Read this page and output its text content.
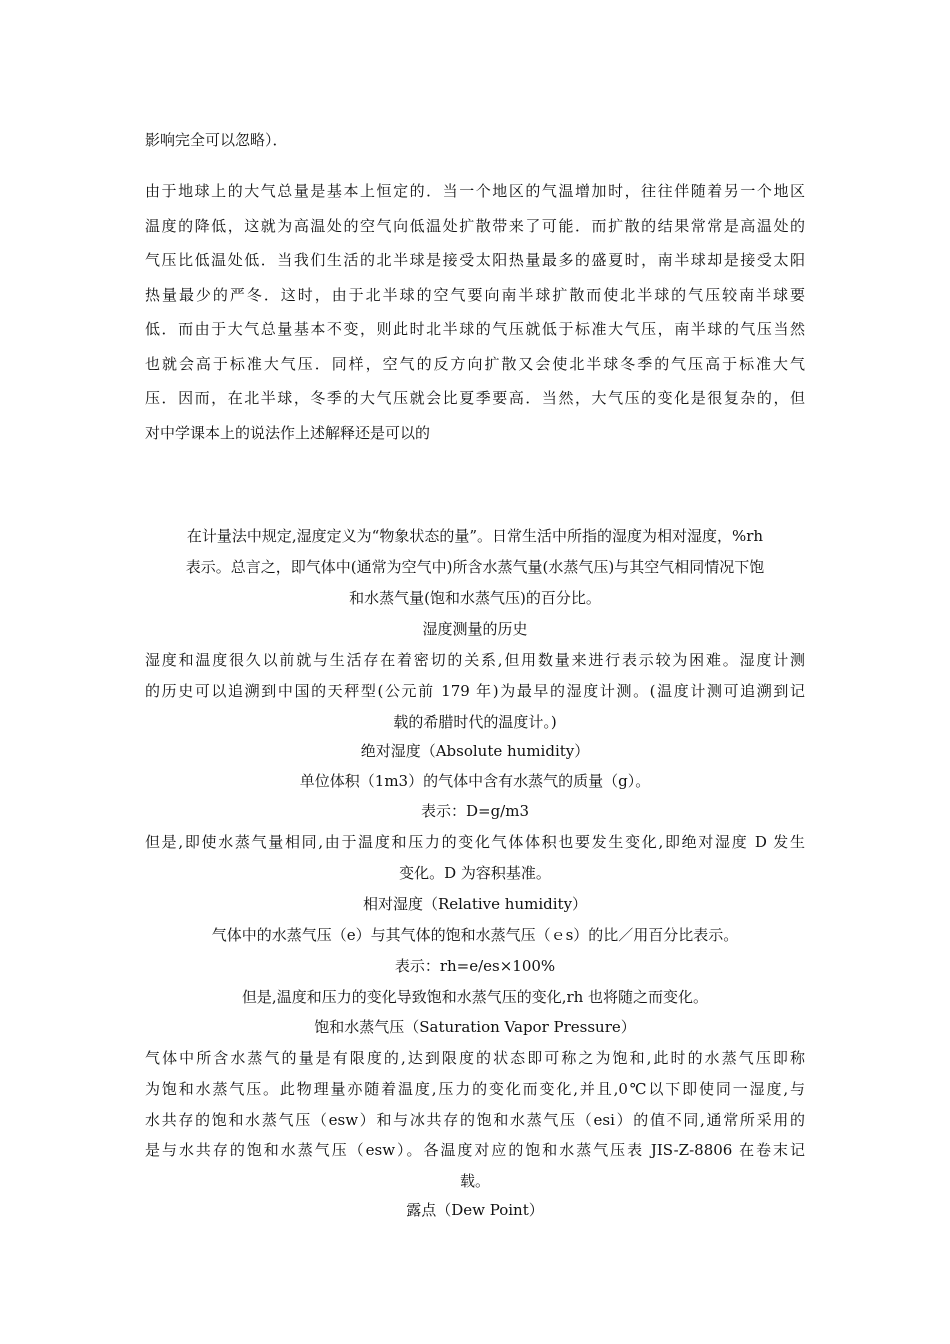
影响完全可以忽略）．
由于地球上的大气总量是基本上恒定的．当一个地区的气温增加时，往往伴随着另一个地区
温度的降低，这就为高温处的空气向低温处扩散带来了可能．而扩散的结果常常是高温处的
气压比低温处低．当我们生活的北半球是接受太阳热量最多的盛夏时，南半球却是接受太阳
热量最少的严冬．这时，由于北半球的空气要向南半球扩散而使北半球的气压较南半球要
低．而由于大气总量基本不变，则此时北半球的气压就低于标准大气压，南半球的气压当然
也就会高于标准大气压．同样，空气的反方向扩散又会使北半球冬季的气压高于标准大气
压．因而，在北半球，冬季的大气压就会比夏季要高．当然，大气压的变化是很复杂的，但
对中学课本上的说法作上述解释还是可以的
在计量法中规定,湿度定义为“物象状态的量”。日常生活中所指的湿度为相对湿度，%rh
表示。总言之，即气体中(通常为空气中)所含水蒸气量(水蒸气压)与其空气相同情况下饱
和水蒸气量(饱和水蒸气压)的百分比。
湿度测量的历史
湿度和温度很久以前就与生活存在着密切的关系,但用数量来进行表示较为困难。湿度计测
的历史可以追溯到中国的天秤型(公元前 179 年)为最早的湿度计测。(温度计测可追溯到记
载的希腊时代的温度计。)
绝对湿度（Absolute humidity）
单位体积（1m3）的气体中含有水蒸气的质量（g）。
表示：D=g/m3
但是,即使水蒸气量相同,由于温度和压力的变化气体体积也要发生变化,即绝对湿度 D 发生
变化。D 为容积基准。
相对湿度（Relative humidity）
气体中的水蒸气压（e）与其气体的饱和水蒸气压（ｅs）的比／用百分比表示。
表示：rh=e/es×100%
但是,温度和压力的变化导致饱和水蒸气压的变化,rh 也将随之而变化。
饱和水蒸气压（Saturation Vapor Pressure）
气体中所含水蒸气的量是有限度的,达到限度的状态即可称之为饱和,此时的水蒸气压即称
为饱和水蒸气压。此物理量亦随着温度,压力的变化而变化,并且,0℃以下即使同一湿度,与
水共存的饱和水蒸气压（esw）和与冰共存的饱和水蒸气压（esi）的值不同,通常所采用的
是与水共存的饱和水蒸气压（esw）。各温度对应的饱和水蒸气压表 JIS-Z-8806 在卷末记
载。
露点（Dew Point）
